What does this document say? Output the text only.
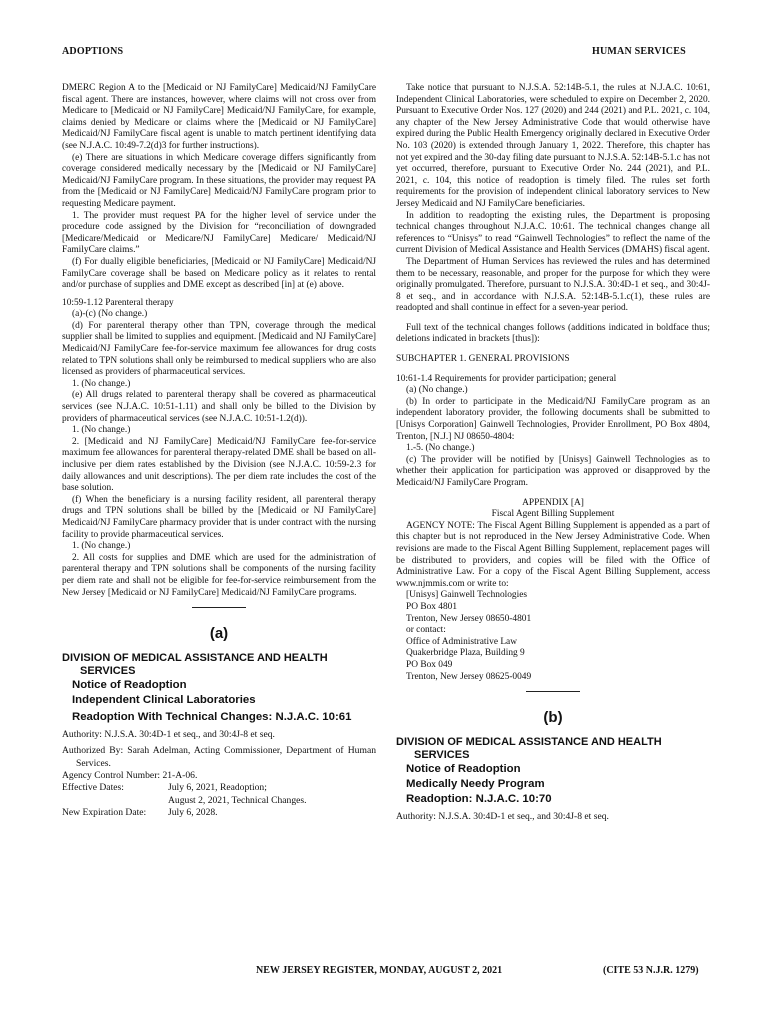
ADOPTIONS	HUMAN SERVICES

DMERC Region A to the [Medicaid or NJ FamilyCare] Medicaid/NJ FamilyCare fiscal agent. There are instances, however, where claims will not cross over from Medicare to [Medicaid or NJ FamilyCare] Medicaid/NJ FamilyCare, for example, claims denied by Medicare or claims where the [Medicaid or NJ FamilyCare] Medicaid/NJ FamilyCare fiscal agent is unable to match pertinent identifying data (see N.J.A.C. 10:49-7.2(d)3 for further instructions).

(e) There are situations in which Medicare coverage differs significantly from coverage considered medically necessary by the [Medicaid or NJ FamilyCare] Medicaid/NJ FamilyCare program. In these situations, the provider may request PA from the [Medicaid or NJ FamilyCare] Medicaid/NJ FamilyCare program prior to requesting Medicare payment.

1. The provider must request PA for the higher level of service under the procedure code assigned by the Division for “reconciliation of downgraded [Medicare/Medicaid or Medicare/NJ FamilyCare] Medicare/ Medicaid/NJ FamilyCare claims.”

(f) For dually eligible beneficiaries, [Medicaid or NJ FamilyCare] Medicaid/NJ FamilyCare coverage shall be based on Medicare policy as it relates to rental and/or purchase of supplies and DME except as described [in] at (e) above.

10:59-1.12 Parenteral therapy

(a)-(c) (No change.)

(d) For parenteral therapy other than TPN, coverage through the medical supplier shall be limited to supplies and equipment. [Medicaid and NJ FamilyCare] Medicaid/NJ FamilyCare fee-for-service maximum fee allowances for drug costs related to TPN solutions shall only be reimbursed to medical suppliers who are also licensed as providers of pharmaceutical services.

1. (No change.)

(e) All drugs related to parenteral therapy shall be covered as pharmaceutical services (see N.J.A.C. 10:51-1.11) and shall only be billed to the Division by providers of pharmaceutical services (see N.J.A.C. 10:51-1.2(d)).

1. (No change.)

2. [Medicaid and NJ FamilyCare] Medicaid/NJ FamilyCare fee-for-service maximum fee allowances for parenteral therapy-related DME shall be based on all-inclusive per diem rates established by the Division (see N.J.A.C. 10:59-2.3 for daily allowances and unit descriptions). The per diem rate includes the cost of the base solution.

(f) When the beneficiary is a nursing facility resident, all parenteral therapy drugs and TPN solutions shall be billed by the [Medicaid or NJ FamilyCare] Medicaid/NJ FamilyCare pharmacy provider that is under contract with the nursing facility to provide pharmaceutical services.

1. (No change.)

2. All costs for supplies and DME which are used for the administration of parenteral therapy and TPN solutions shall be components of the nursing facility per diem rate and shall not be eligible for fee-for-service reimbursement from the New Jersey [Medicaid or NJ FamilyCare] Medicaid/NJ FamilyCare programs.

(a)
DIVISION OF MEDICAL ASSISTANCE AND HEALTH
SERVICES

Notice of Readoption

Independent Clinical Laboratories

Readoption With Technical Changes: N.J.A.C. 10:61

Authority: N.J.S.A. 30:4D-1 et seq., and 30:4J-8 et seq.

Authorized By: Sarah Adelman, Acting Commissioner, Department of Human Services.

Agency Control Number: 21-A-06.

Effective Dates:	July 6, 2021, Readoption;
August 2, 2021, Technical Changes.
New Expiration Date:	July 6, 2028.

Take notice that pursuant to N.J.S.A. 52:14B-5.1, the rules at N.J.A.C. 10:61, Independent Clinical Laboratories, were scheduled to expire on December 2, 2020. Pursuant to Executive Order Nos. 127 (2020) and 244 (2021) and P.L. 2021, c. 104, any chapter of the New Jersey Administrative Code that would otherwise have expired during the Public Health Emergency originally declared in Executive Order No. 103 (2020) is extended through January 1, 2022. Therefore, this chapter has not yet expired and the 30-day filing date pursuant to N.J.S.A. 52:14B-5.1.c has not yet occurred, therefore, pursuant to Executive Order No. 244 (2021), and P.L. 2021, c. 104, this notice of readoption is timely filed. The rules set forth requirements for the provision of independent clinical laboratory services to New Jersey Medicaid and NJ FamilyCare beneficiaries.

In addition to readopting the existing rules, the Department is proposing technical changes throughout N.J.A.C. 10:61. The technical changes change all references to “Unisys” to read “Gainwell Technologies” to reflect the name of the current Division of Medical Assistance and Health Services (DMAHS) fiscal agent.

The Department of Human Services has reviewed the rules and has determined them to be necessary, reasonable, and proper for the purpose for which they were originally promulgated. Therefore, pursuant to N.J.S.A. 30:4D-1 et seq., and 30:4J-8 et seq., and in accordance with N.J.S.A. 52:14B-5.1.c(1), these rules are readopted and shall continue in effect for a seven-year period.

Full text of the technical changes follows (additions indicated in boldface thus; deletions indicated in brackets [thus]):

SUBCHAPTER 1. GENERAL PROVISIONS

10:61-1.4 Requirements for provider participation; general

(a) (No change.)

(b) In order to participate in the Medicaid/NJ FamilyCare program as an independent laboratory provider, the following documents shall be submitted to [Unisys Corporation] Gainwell Technologies, Provider Enrollment, PO Box 4804, Trenton, [N.J.] NJ 08650-4804:

1.-5. (No change.)

(c) The provider will be notified by [Unisys] Gainwell Technologies as to whether their application for participation was approved or disapproved by the Medicaid/NJ FamilyCare Program.

APPENDIX [A]

Fiscal Agent Billing Supplement

AGENCY NOTE: The Fiscal Agent Billing Supplement is appended as a part of this chapter but is not reproduced in the New Jersey Administrative Code. When revisions are made to the Fiscal Agent Billing Supplement, replacement pages will be distributed to providers, and copies will be filed with the Office of Administrative Law. For a copy of the Fiscal Agent Billing Supplement, access www.njmmis.com or write to:

[Unisys] Gainwell Technologies

PO Box 4801

Trenton, New Jersey 08650-4801

or contact:

Office of Administrative Law

Quakerbridge Plaza, Building 9

PO Box 049

Trenton, New Jersey 08625-0049

(b)
DIVISION OF MEDICAL ASSISTANCE AND HEALTH
SERVICES

Notice of Readoption

Medically Needy Program

Readoption: N.J.A.C. 10:70

Authority: N.J.S.A. 30:4D-1 et seq., and 30:4J-8 et seq.

NEW JERSEY REGISTER, MONDAY, AUGUST 2, 2021	(CITE 53 N.J.R. 1279)
